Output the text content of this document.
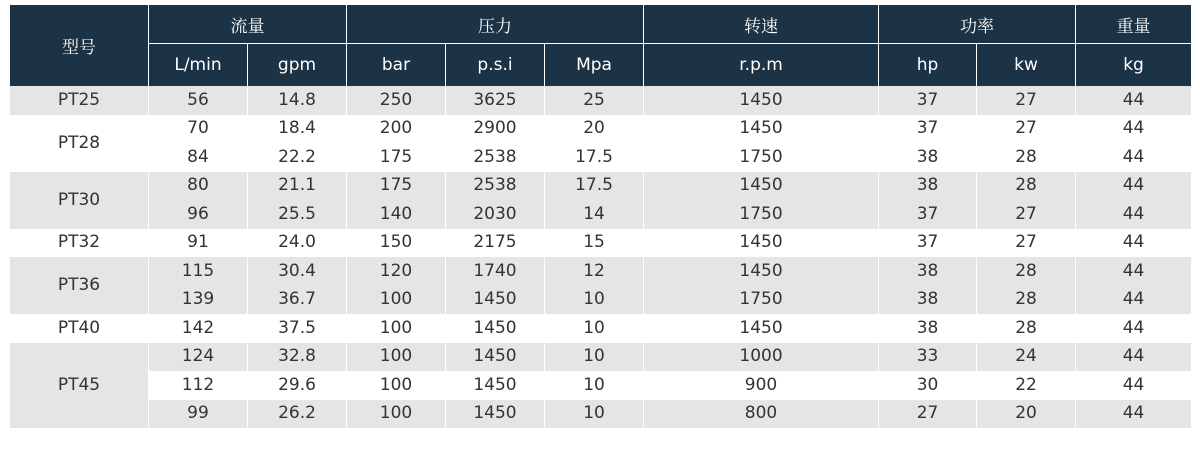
型号	流量		压力			转速	功率		重量
	L/min	gpm	bar	p.s.i	Mpa	r.p.m	hp	kw	kg
PT25	56	14.8	250	3625	25	1450	37	27	44
PT28	70	18.4	200	2900	20	1450	37	27	44
	84	22.2	175	2538	17.5	1750	38	28	44
PT30	80	21.1	175	2538	17.5	1450	38	28	44
	96	25.5	140	2030	14	1750	37	27	44
PT32	91	24.0	150	2175	15	1450	37	27	44
PT36	115	30.4	120	1740	12	1450	38	28	44
	139	36.7	100	1450	10	1750	38	28	44
PT40	142	37.5	100	1450	10	1450	38	28	44
PT45	124	32.8	100	1450	10	1000	33	24	44
	112	29.6	100	1450	10	900	30	22	44
	99	26.2	100	1450	10	800	27	20	44
